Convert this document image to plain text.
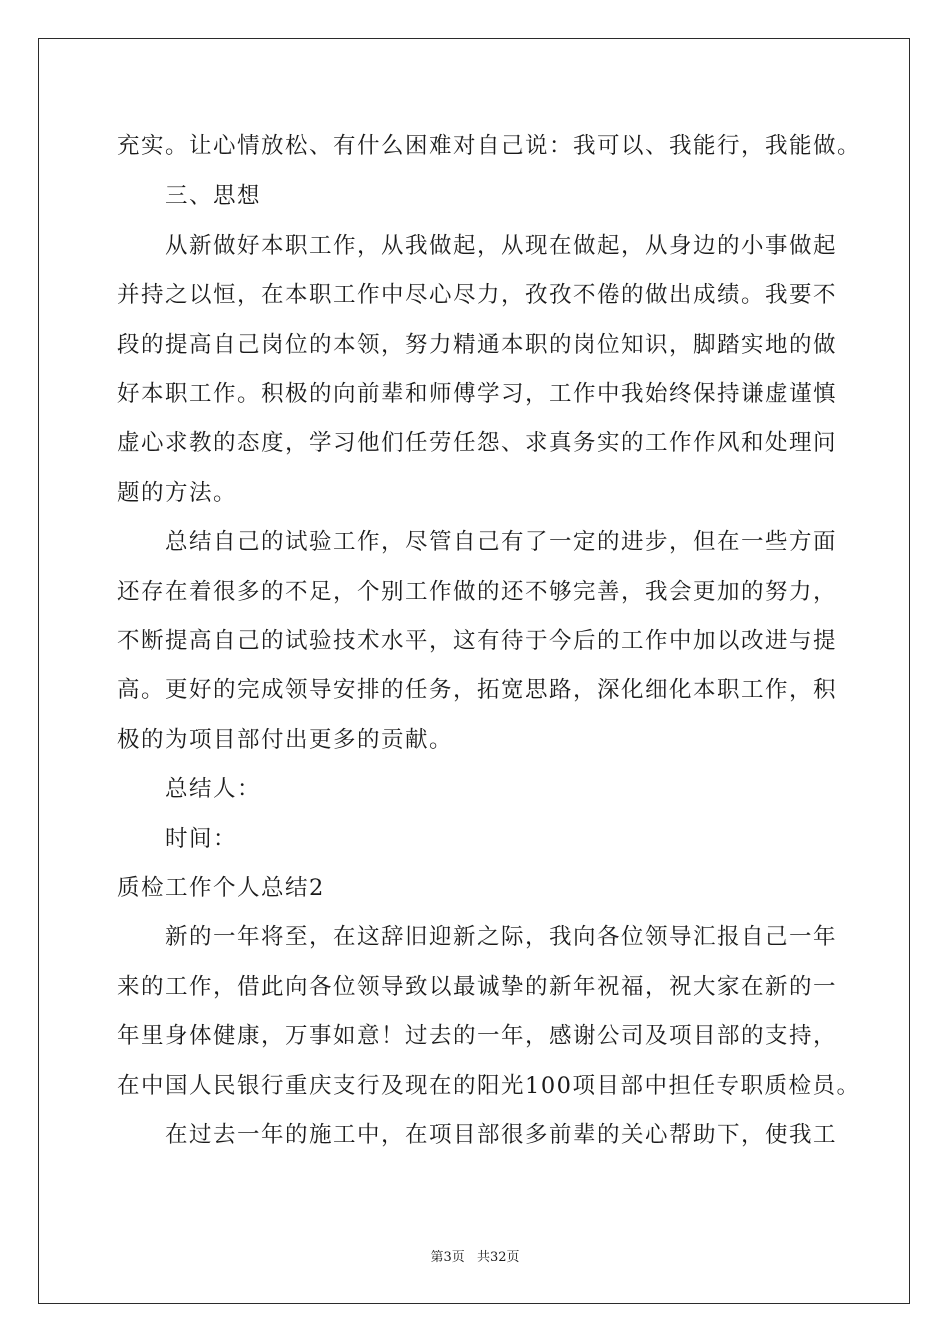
充实。让心情放松、有什么困难对自己说：我可以、我能行，我能做。
三、思想
从新做好本职工作，从我做起，从现在做起，从身边的小事做起
并持之以恒，在本职工作中尽心尽力，孜孜不倦的做出成绩。我要不
段的提高自己岗位的本领，努力精通本职的岗位知识，脚踏实地的做
好本职工作。积极的向前辈和师傅学习，工作中我始终保持谦虚谨慎
虚心求教的态度，学习他们任劳任怨、求真务实的工作作风和处理问
题的方法。
总结自己的试验工作，尽管自己有了一定的进步，但在一些方面
还存在着很多的不足，个别工作做的还不够完善，我会更加的努力，
不断提高自己的试验技术水平，这有待于今后的工作中加以改进与提
高。更好的完成领导安排的任务，拓宽思路，深化细化本职工作，积
极的为项目部付出更多的贡献。
总结人：
时间：
质检工作个人总结2
新的一年将至，在这辞旧迎新之际，我向各位领导汇报自己一年
来的工作，借此向各位领导致以最诚挚的新年祝福，祝大家在新的一
年里身体健康，万事如意！过去的一年，感谢公司及项目部的支持，
在中国人民银行重庆支行及现在的阳光100项目部中担任专职质检员。
在过去一年的施工中，在项目部很多前辈的关心帮助下，使我工
第3页 共32页
